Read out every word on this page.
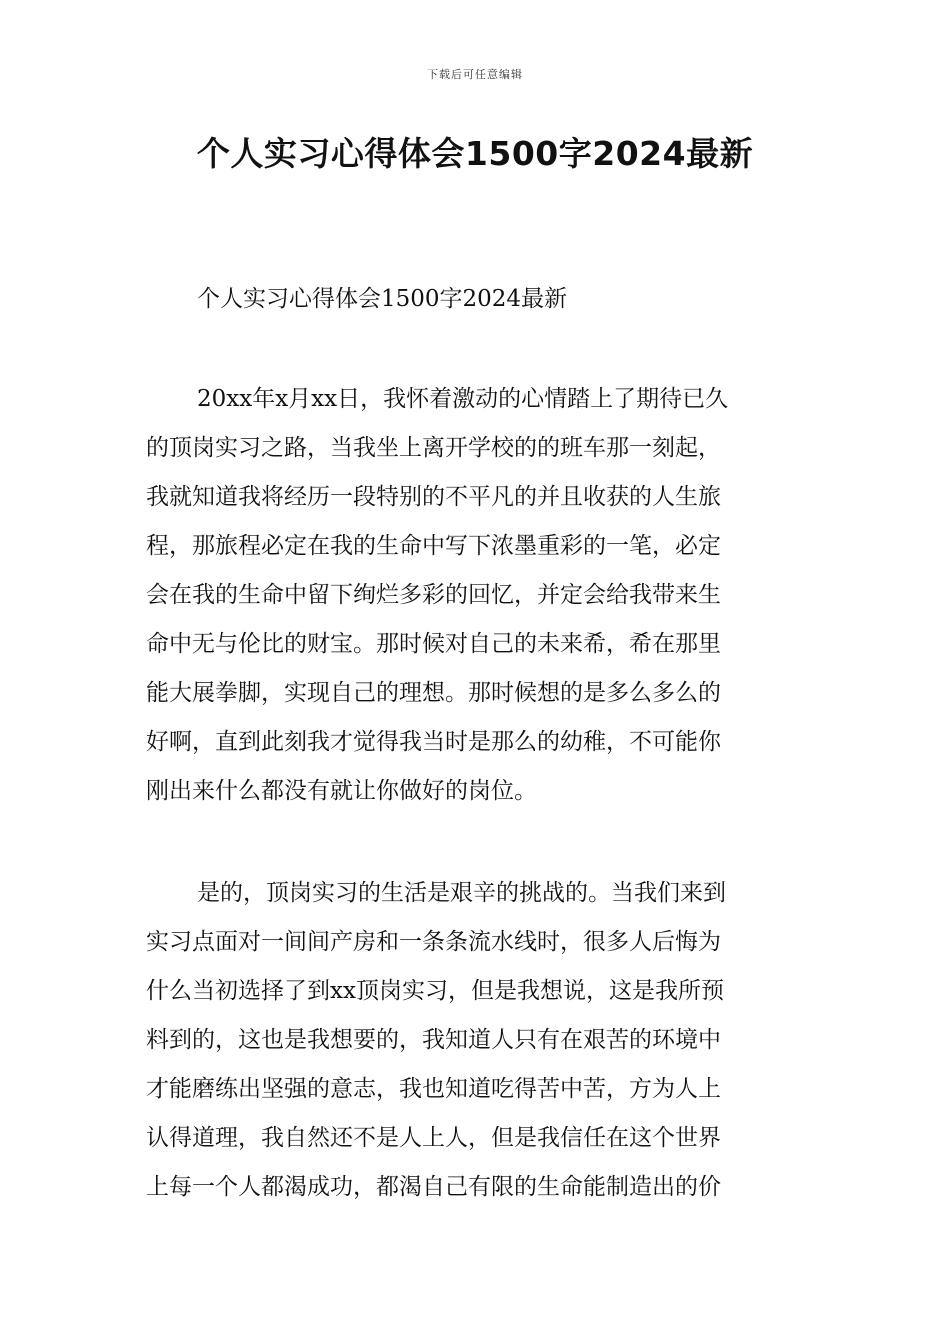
下载后可任意编辑
个人实习心得体会1500字2024最新

个人实习心得体会1500字2024最新

20xx年x月xx日，我怀着激动的心情踏上了期待已久
的顶岗实习之路，当我坐上离开学校的的班车那一刻起，
我就知道我将经历一段特别的不平凡的并且收获的人生旅
程，那旅程必定在我的生命中写下浓墨重彩的一笔，必定
会在我的生命中留下绚烂多彩的回忆，并定会给我带来生
命中无与伦比的财宝。那时候对自己的未来希，希在那里
能大展拳脚，实现自己的理想。那时候想的是多么多么的
好啊，直到此刻我才觉得我当时是那么的幼稚，不可能你
刚出来什么都没有就让你做好的岗位。

是的，顶岗实习的生活是艰辛的挑战的。当我们来到
实习点面对一间间产房和一条条流水线时，很多人后悔为
什么当初选择了到xx顶岗实习，但是我想说，这是我所预
料到的，这也是我想要的，我知道人只有在艰苦的环境中
才能磨练出坚强的意志，我也知道吃得苦中苦，方为人上
认得道理，我自然还不是人上人，但是我信任在这个世界
上每一个人都渴成功，都渴自己有限的生命能制造出的价
